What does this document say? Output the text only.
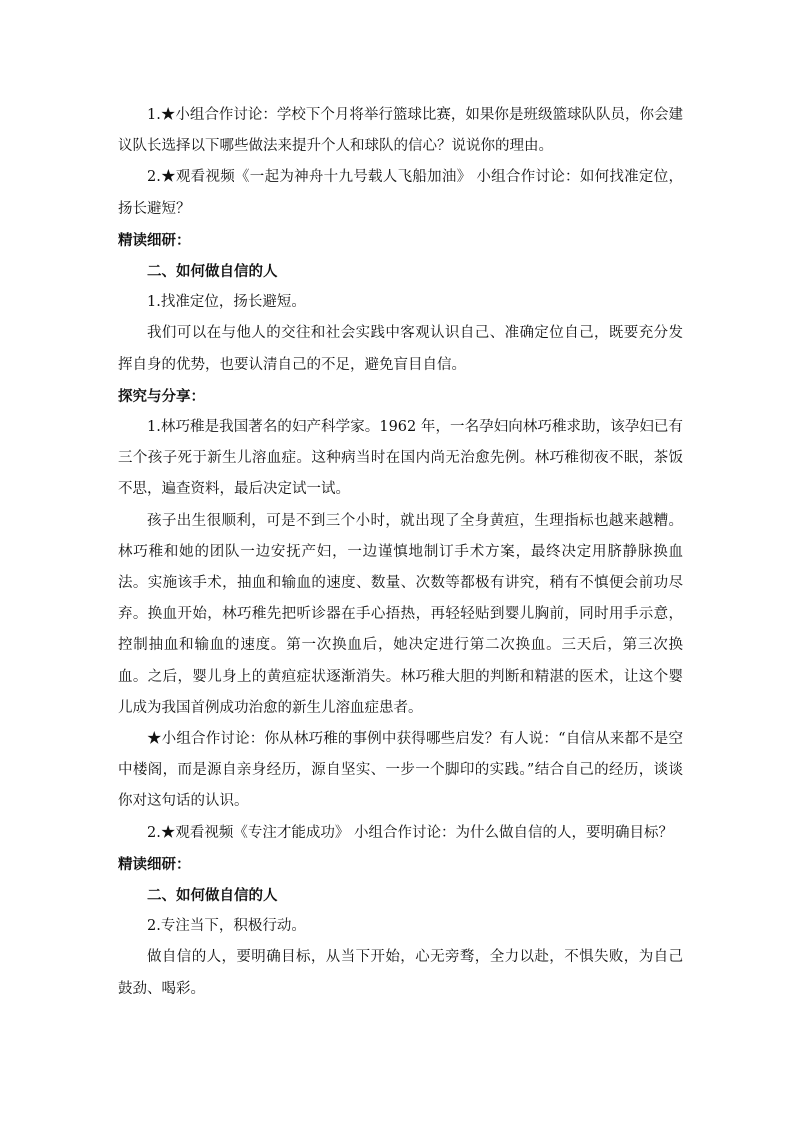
1.★小组合作讨论：学校下个月将举行篮球比赛，如果你是班级篮球队队员，你会建议队长选择以下哪些做法来提升个人和球队的信心？说说你的理由。

2.★观看视频《一起为神舟十九号载人飞船加油》 小组合作讨论：如何找准定位，扬长避短？

精读细研：

二、如何做自信的人

1.找准定位，扬长避短。

我们可以在与他人的交往和社会实践中客观认识自己、准确定位自己，既要充分发挥自身的优势，也要认清自己的不足，避免盲目自信。

探究与分享：

1.林巧稚是我国著名的妇产科学家。1962 年，一名孕妇向林巧稚求助，该孕妇已有三个孩子死于新生儿溶血症。这种病当时在国内尚无治愈先例。林巧稚彻夜不眠，茶饭不思，遍查资料，最后决定试一试。

孩子出生很顺利，可是不到三个小时，就出现了全身黄疸，生理指标也越来越糟。林巧稚和她的团队一边安抚产妇，一边谨慎地制订手术方案，最终决定用脐静脉换血法。实施该手术，抽血和输血的速度、数量、次数等都极有讲究，稍有不慎便会前功尽弃。换血开始，林巧稚先把听诊器在手心捂热，再轻轻贴到婴儿胸前，同时用手示意，控制抽血和输血的速度。第一次换血后，她决定进行第二次换血。三天后，第三次换血。之后，婴儿身上的黄疸症状逐渐消失。林巧稚大胆的判断和精湛的医术，让这个婴儿成为我国首例成功治愈的新生儿溶血症患者。

★小组合作讨论：你从林巧稚的事例中获得哪些启发？有人说：“自信从来都不是空中楼阁，而是源自亲身经历，源自坚实、一步一个脚印的实践。”结合自己的经历，谈谈你对这句话的认识。

2.★观看视频《专注才能成功》 小组合作讨论：为什么做自信的人，要明确目标？

精读细研：

二、如何做自信的人

2.专注当下，积极行动。

做自信的人，要明确目标，从当下开始，心无旁骛，全力以赴，不惧失败，为自己鼓劲、喝彩。
